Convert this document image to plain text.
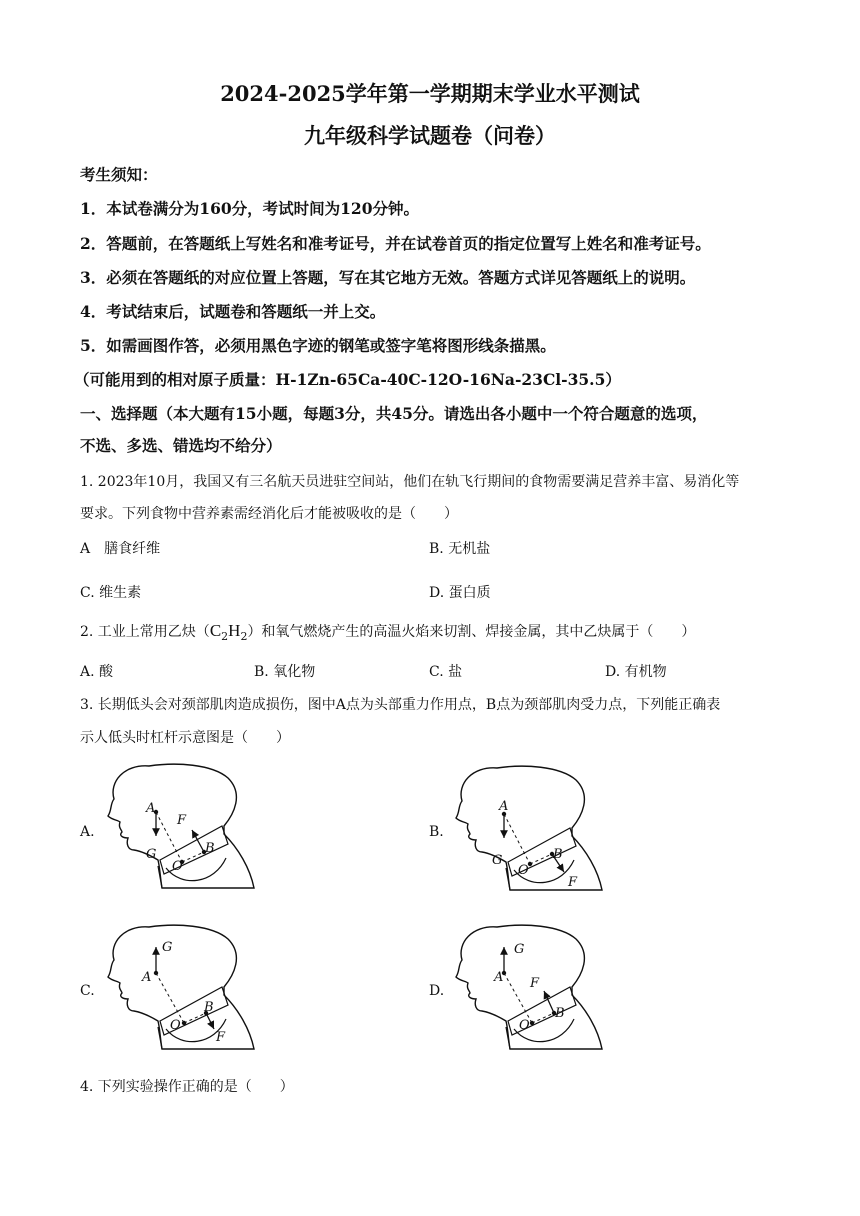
2024-2025学年第一学期期末学业水平测试
九年级科学试题卷（问卷）
考生须知：
1．本试卷满分为160分，考试时间为120分钟。
2．答题前，在答题纸上写姓名和准考证号，并在试卷首页的指定位置写上姓名和准考证号。
3．必须在答题纸的对应位置上答题，写在其它地方无效。答题方式详见答题纸上的说明。
4．考试结束后，试题卷和答题纸一并上交。
5．如需画图作答，必须用黑色字迹的钢笔或签字笔将图形线条描黑。
（可能用到的相对原子质量：H-1Zn-65Ca-40C-12O-16Na-23Cl-35.5）
一、选择题（本大题有15小题，每题3分，共45分。请选出各小题中一个符合题意的选项，
不选、多选、错选均不给分）
1. 2023年10月，我国又有三名航天员进驻空间站，他们在轨飞行期间的食物需要满足营养丰富、易消化等
要求。下列食物中营养素需经消化后才能被吸收的是（　　）
A　膳食纤维	B. 无机盐
C. 维生素	D. 蛋白质
2. 工业上常用乙炔$(C_2H_2)$和氧气燃烧产生的高温火焰来切割、焊接金属，其中乙炔属于（　　）
A. 酸	B. 氧化物	C. 盐	D. 有机物
3. 长期低头会对颈部肌肉造成损伤，图中A点为头部重力作用点，B点为颈部肌肉受力点，下列能正确表
示人低头时杠杆示意图是（　　）
A.	B.
C.	D.
A
G
F
O
B
A
G
O
B
F
G
A
O
B
F
G
A F
O
B
4. 下列实验操作正确的是（　　）
